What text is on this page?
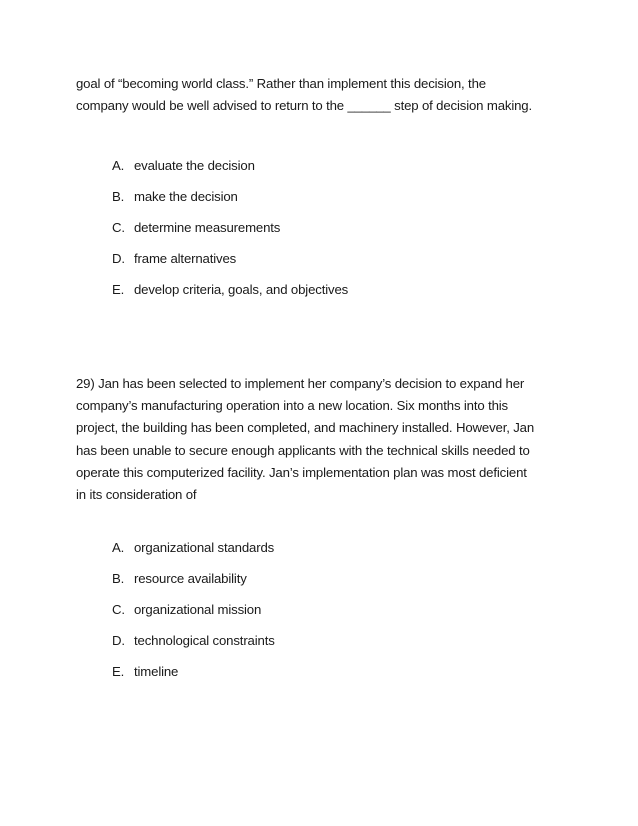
goal of “becoming world class.” Rather than implement this decision, the
company would be well advised to return to the ______ step of decision making.

A. evaluate the decision
B. make the decision
C. determine measurements
D. frame alternatives
E. develop criteria, goals, and objectives

29) Jan has been selected to implement her company’s decision to expand her
company’s manufacturing operation into a new location. Six months into this
project, the building has been completed, and machinery installed. However, Jan
has been unable to secure enough applicants with the technical skills needed to
operate this computerized facility. Jan’s implementation plan was most deficient
in its consideration of

A. organizational standards
B. resource availability
C. organizational mission
D. technological constraints
E. timeline
